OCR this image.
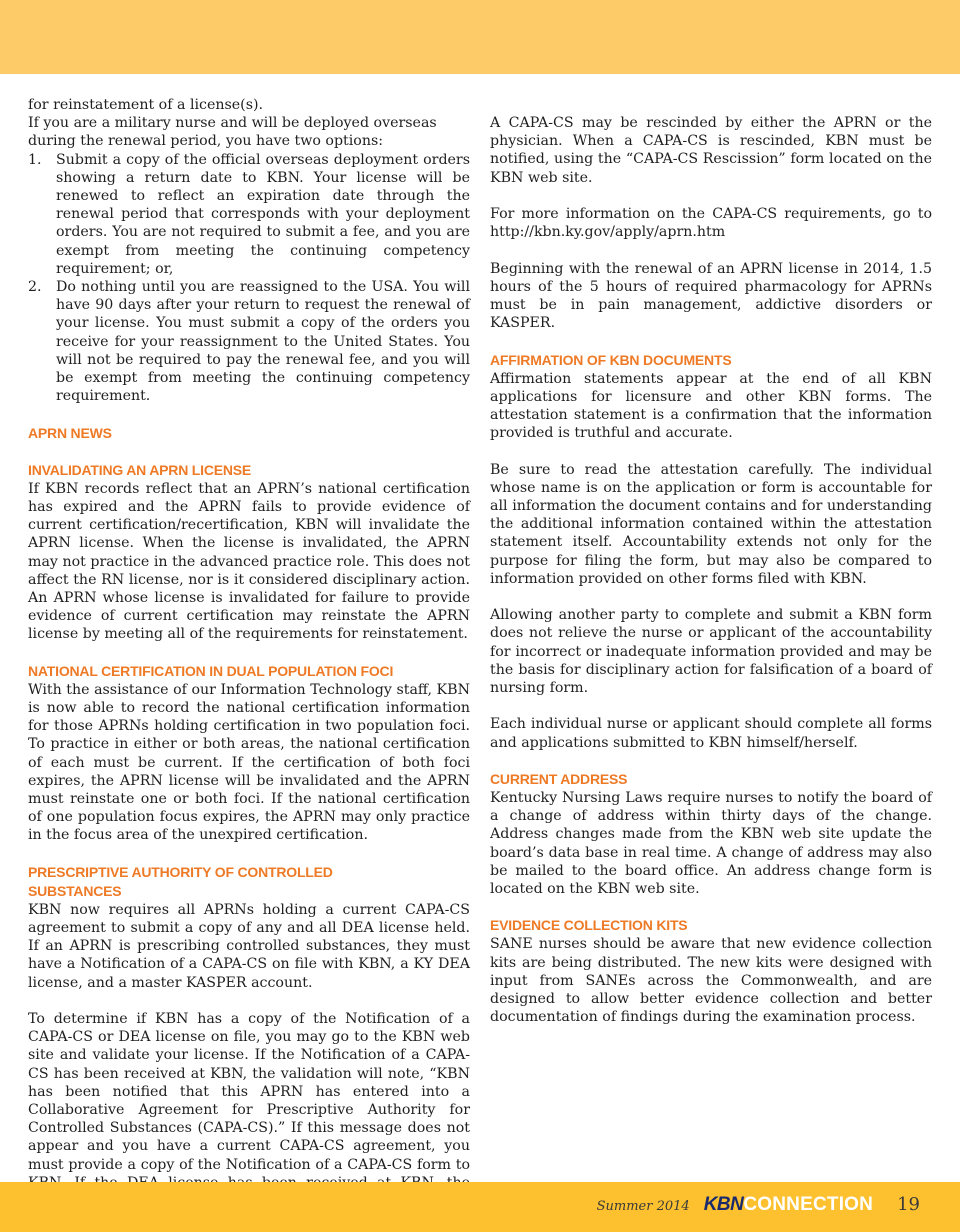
for reinstatement of a license(s).

If you are a military nurse and will be deployed overseas during the renewal period, you have two options:

1. Submit a copy of the official overseas deployment orders showing a return date to KBN. Your license will be renewed to reflect an expiration date through the renewal period that corresponds with your deployment orders. You are not required to submit a fee, and you are exempt from meeting the continuing competency requirement; or,
2. Do nothing until you are reassigned to the USA. You will have 90 days after your return to request the renewal of your license. You must submit a copy of the orders you receive for your reassignment to the United States. You will not be required to pay the renewal fee, and you will be exempt from meeting the continuing competency requirement.
APRN NEWS
INVALIDATING AN APRN LICENSE

If KBN records reflect that an APRN’s national certification has expired and the APRN fails to provide evidence of current certification/recertification, KBN will invalidate the APRN license. When the license is invalidated, the APRN may not practice in the advanced practice role. This does not affect the RN license, nor is it considered disciplinary action. An APRN whose license is invalidated for failure to provide evidence of current certification may reinstate the APRN license by meeting all of the requirements for reinstatement.

NATIONAL CERTIFICATION IN DUAL POPULATION FOCI

With the assistance of our Information Technology staff, KBN is now able to record the national certification information for those APRNs holding certification in two population foci. To practice in either or both areas, the national certification of each must be current. If the certification of both foci expires, the APRN license will be invalidated and the APRN must reinstate one or both foci. If the national certification of one population focus expires, the APRN may only practice in the focus area of the unexpired certification.

PRESCRIPTIVE AUTHORITY OF CONTROLLED SUBSTANCES

KBN now requires all APRNs holding a current CAPA-CS agreement to submit a copy of any and all DEA license held. If an APRN is prescribing controlled substances, they must have a Notification of a CAPA-CS on file with KBN, a KY DEA license, and a master KASPER account.

To determine if KBN has a copy of the Notification of a CAPA-CS or DEA license on file, you may go to the KBN web site and validate your license. If the Notification of a CAPA-CS has been received at KBN, the validation will note, “KBN has been notified that this APRN has entered into a Collaborative Agreement for Prescriptive Authority for Controlled Substances (CAPA-CS).” If this message does not appear and you have a current CAPA-CS agreement, you must provide a copy of the Notification of a CAPA-CS form to

A CAPA-CS may be rescinded by either the APRN or the physician. When a CAPA-CS is rescinded, KBN must be notified, using the “CAPA-CS Rescission” form located on the KBN web site.

For more information on the CAPA-CS requirements, go to http://kbn.ky.gov/apply/aprn.htm

Beginning with the renewal of an APRN license in 2014, 1.5 hours of the 5 hours of required pharmacology for APRNs must be in pain management, addictive disorders or KASPER.

AFFIRMATION OF KBN DOCUMENTS

Affirmation statements appear at the end of all KBN applications for licensure and other KBN forms. The attestation statement is a confirmation that the information provided is truthful and accurate.

Be sure to read the attestation carefully. The individual whose name is on the application or form is accountable for all information the document contains and for understanding the additional information contained within the attestation statement itself. Accountability extends not only for the purpose for filing the form, but may also be compared to information provided on other forms filed with KBN.

Allowing another party to complete and submit a KBN form does not relieve the nurse or applicant of the accountability for incorrect or inadequate information provided and may be the basis for disciplinary action for falsification of a board of nursing form.

Each individual nurse or applicant should complete all forms and applications submitted to KBN himself/herself.

CURRENT ADDRESS

Kentucky Nursing Laws require nurses to notify the board of a change of address within thirty days of the change. Address changes made from the KBN web site update the board’s data base in real time. A change of address may also be mailed to the board office. An address change form is located on the KBN web site.

EVIDENCE COLLECTION KITS

SANE nurses should be aware that new evidence collection kits are being distributed. The new kits were designed with input from SANEs across the Commonwealth, and are designed to allow better evidence collection and better documentation of findings during the examination process.

Summer 2014 KBN CONNECTION 19
